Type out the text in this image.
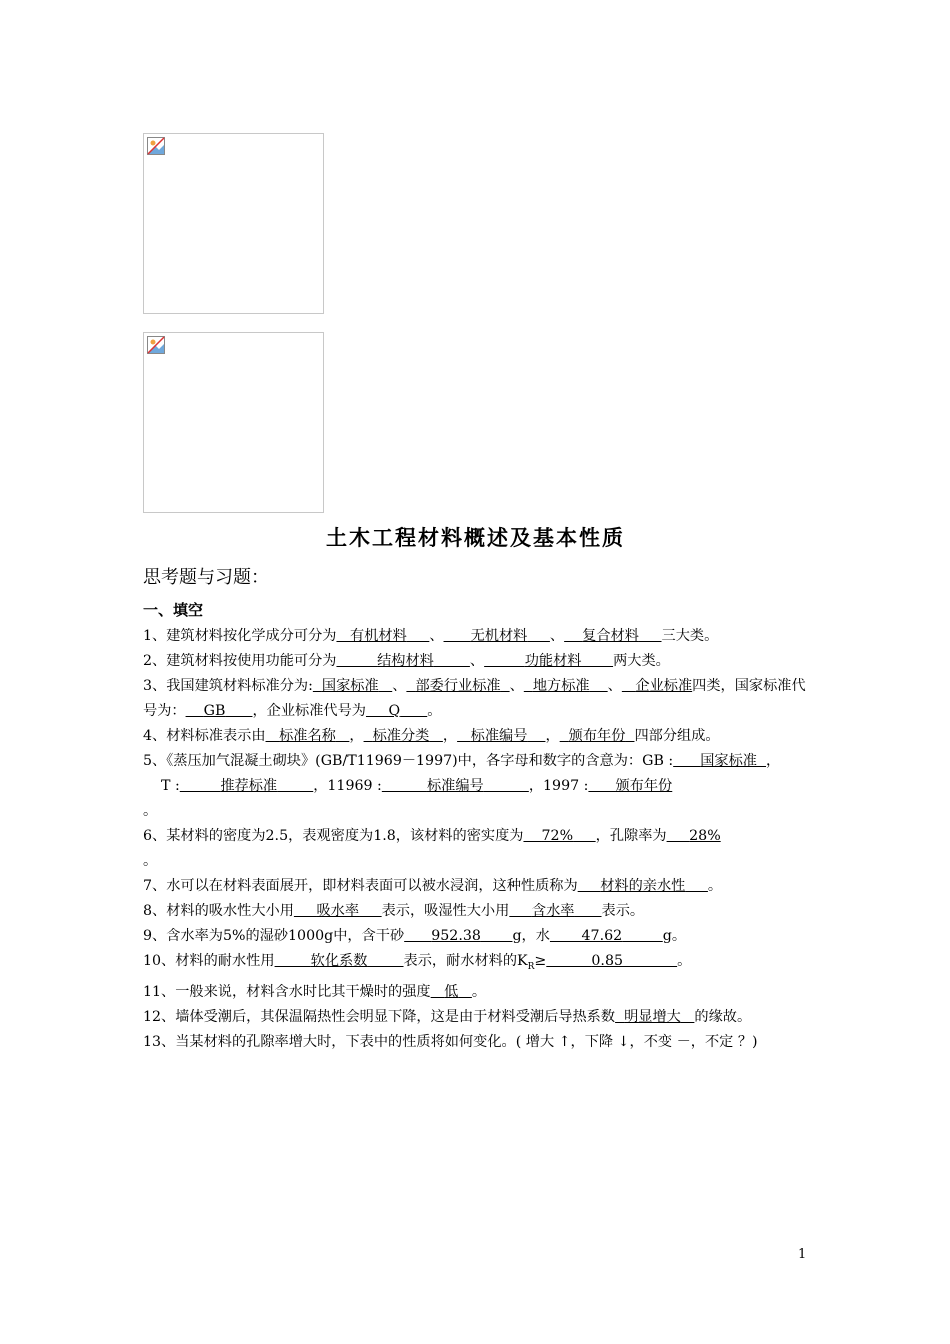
土木工程材料概述及基本性质
思考题与习题：
一、填空

1、建筑材料按化学成分可分为 有机材料 、 无机材料 、 复合材料 三大类。

2、建筑材料按使用功能可分为	结构材料	、	功能材料 两大类。

3、我国建筑材料标准分为: 国家标准 、 部委行业标准 、 地方标准 、 企业标准四类，国家标准代号为： GB ，企业标准代号为 Q 。

4、材料标准表示由 标准名称 ， 标准分类 ， 标准编号 ， 颁布年份 四部分组成。

5、《蒸压加气混凝土砌块》(GB/T11969－1997)中，各字母和数字的含意为：GB : 国家标准 ，

T :	推荐标准	，11969 :	标准编号	，1997 : 颁布年份

。

6、某材料的密度为2.5，表观密度为1.8，该材料的密实度为 72% ，孔隙率为 28%

。

7、水可以在材料表面展开，即材料表面可以被水浸润，这种性质称为 材料的亲水性 。

8、材料的吸水性大小用 吸水率 表示，吸湿性大小用 含水率 表示。

9、含水率为5%的湿砂1000g中，含干砂 952.38 g，水 47.62	g。

10、材料的耐水性用	软化系数	表示，耐水材料的$K_R\ge$	0.85	。

11、一般来说，材料含水时比其干燥时的强度 低 。

12、墙体受潮后，其保温隔热性会明显下降，这是由于材料受潮后导热系数 明显增大 的缘故。

13、当某材料的孔隙率增大时，下表中的性质将如何变化。( 增大 ↑，下降 ↓，不变 －，不定 ？)

1
